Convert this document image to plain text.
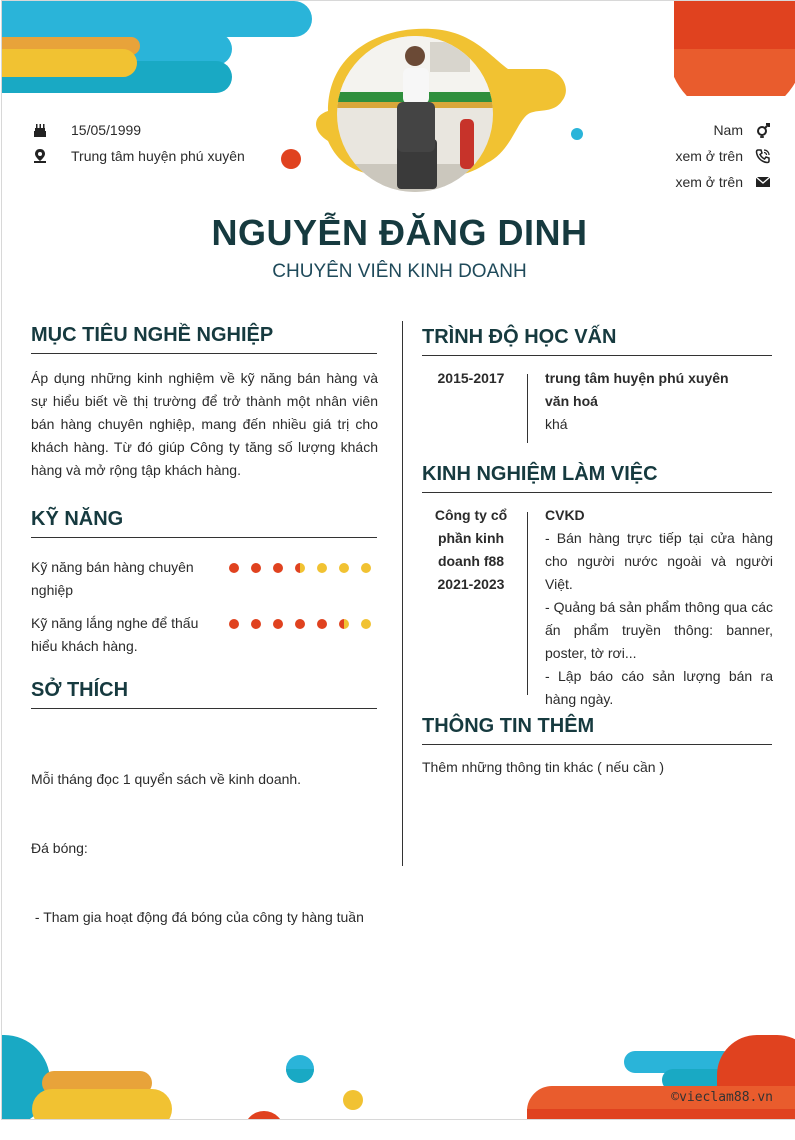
15/05/1999
Trung tâm huyện phú xuyên
Nam
xem ở trên
xem ở trên
NGUYỄN ĐĂNG DINH
CHUYÊN VIÊN KINH DOANH
MỤC TIÊU NGHỀ NGHIỆP
Áp dụng những kinh nghiệm về kỹ năng bán hàng và sự hiểu biết về thị trường để trở thành một nhân viên bán hàng chuyên nghiệp, mang đến nhiều giá trị cho khách hàng. Từ đó giúp Công ty tăng số lượng khách hàng và mở rộng tập khách hàng.
KỸ NĂNG
Kỹ năng bán hàng chuyên nghiệp
Kỹ năng lắng nghe để thấu hiểu khách hàng.
SỞ THÍCH

Mỗi tháng đọc 1 quyển sách về kinh doanh.

Đá bóng:

- Tham gia hoạt động đá bóng của công ty hàng tuần

TRÌNH ĐỘ HỌC VẤN
2015-2017	trung tâm huyện phú xuyên
văn hoá
khá
KINH NGHIỆM LÀM VIỆC
Công ty cổ phần kinh doanh f88
2021-2023
CVKD
- Bán hàng trực tiếp tại cửa hàng cho người nước ngoài và người Việt.
- Quảng bá sản phẩm thông qua các ấn phẩm truyền thông: banner, poster, tờ rơi...
- Lập báo cáo sản lượng bán ra hàng ngày.
THÔNG TIN THÊM
Thêm những thông tin khác ( nếu cần )
©vieclam88.vn
